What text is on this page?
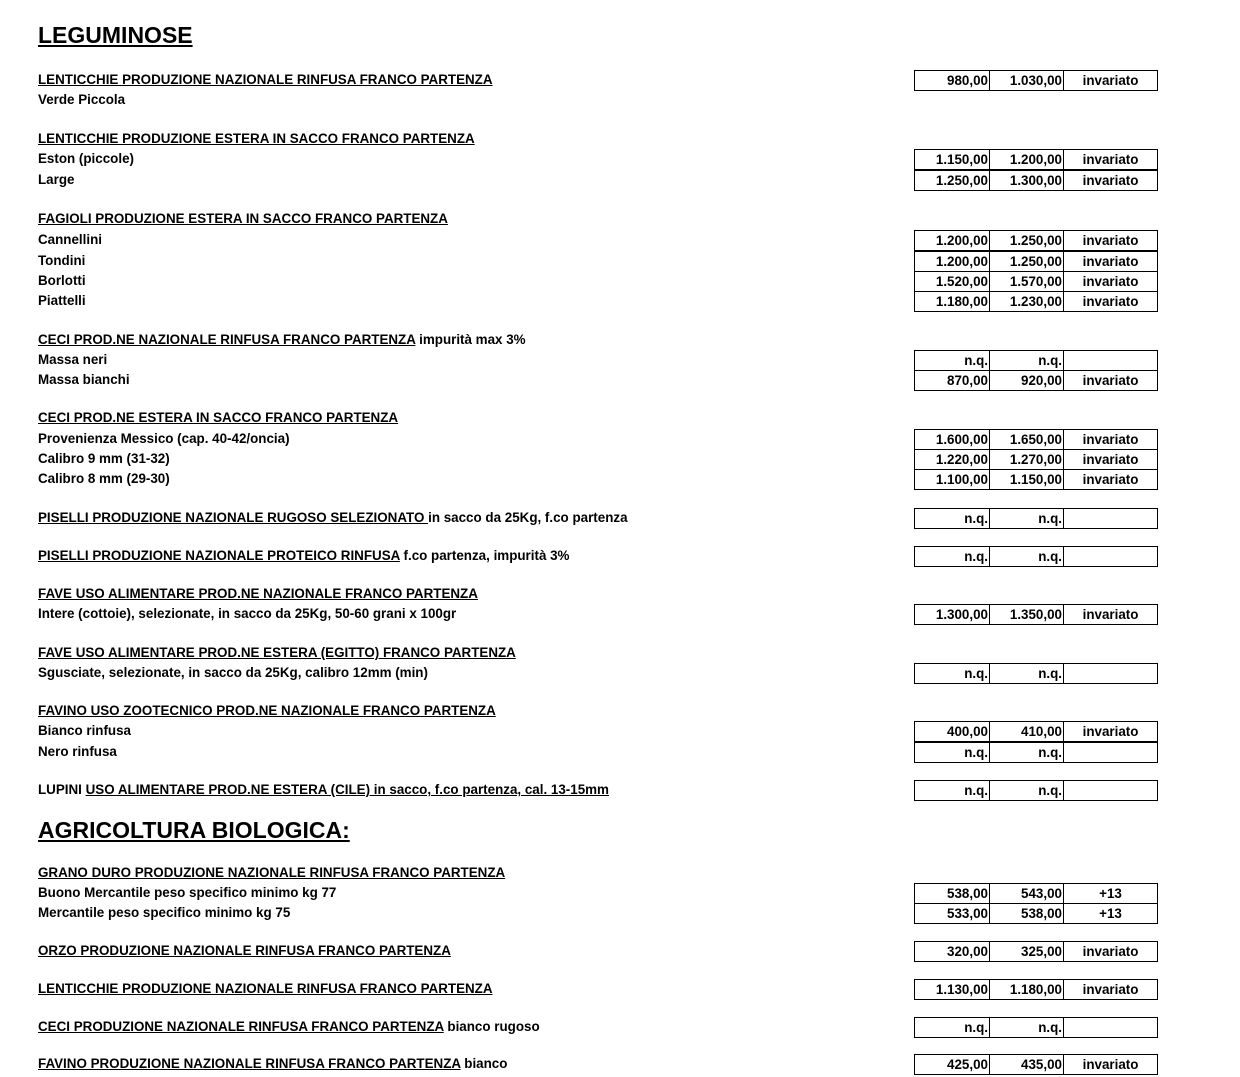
LEGUMINOSE
AGRICOLTURA BIOLOGICA:
LENTICCHIE PRODUZIONE NAZIONALE RINFUSA FRANCO PARTENZA	980,00	1.030,00	invariato
Verde Piccola
LENTICCHIE PRODUZIONE ESTERA IN SACCO FRANCO PARTENZA
Eston (piccole)	1.150,00	1.200,00	invariato
Large	1.250,00	1.300,00	invariato
FAGIOLI PRODUZIONE ESTERA IN SACCO FRANCO PARTENZA
Cannellini	1.200,00	1.250,00	invariato
Tondini	1.200,00	1.250,00	invariato
Borlotti	1.520,00	1.570,00	invariato
Piattelli	1.180,00	1.230,00	invariato
CECI PROD.NE NAZIONALE RINFUSA FRANCO PARTENZA impurità max 3%
Massa neri	n.q.	n.q.
Massa bianchi	870,00	920,00	invariato
CECI PROD.NE ESTERA IN SACCO FRANCO PARTENZA
Provenienza Messico (cap. 40-42/oncia)	1.600,00	1.650,00	invariato
Calibro 9 mm (31-32)	1.220,00	1.270,00	invariato
Calibro 8 mm (29-30)	1.100,00	1.150,00	invariato
PISELLI PRODUZIONE NAZIONALE RUGOSO SELEZIONATO in sacco da 25Kg, f.co partenza	n.q.	n.q.
PISELLI PRODUZIONE NAZIONALE PROTEICO RINFUSA f.co partenza, impurità 3%	n.q.	n.q.
FAVE USO ALIMENTARE PROD.NE NAZIONALE FRANCO PARTENZA
Intere (cottoie), selezionate, in sacco da 25Kg, 50-60 grani x 100gr	1.300,00	1.350,00	invariato
FAVE USO ALIMENTARE PROD.NE ESTERA (EGITTO) FRANCO PARTENZA
Sgusciate, selezionate, in sacco da 25Kg, calibro 12mm (min)	n.q.	n.q.
FAVINO USO ZOOTECNICO PROD.NE NAZIONALE FRANCO PARTENZA
Bianco rinfusa	400,00	410,00	invariato
Nero rinfusa	n.q.	n.q.
LUPINI USO ALIMENTARE PROD.NE ESTERA (CILE) in sacco, f.co partenza, cal. 13-15mm	n.q.	n.q.
GRANO DURO PRODUZIONE NAZIONALE RINFUSA FRANCO PARTENZA
Buono Mercantile peso specifico minimo kg 77	538,00	543,00	+13
Mercantile peso specifico minimo kg 75	533,00	538,00	+13
ORZO PRODUZIONE NAZIONALE RINFUSA FRANCO PARTENZA	320,00	325,00	invariato
LENTICCHIE PRODUZIONE NAZIONALE RINFUSA FRANCO PARTENZA	1.130,00	1.180,00	invariato
CECI PRODUZIONE NAZIONALE RINFUSA FRANCO PARTENZA bianco rugoso	n.q.	n.q.
FAVINO PRODUZIONE NAZIONALE RINFUSA FRANCO PARTENZA bianco	425,00	435,00	invariato
